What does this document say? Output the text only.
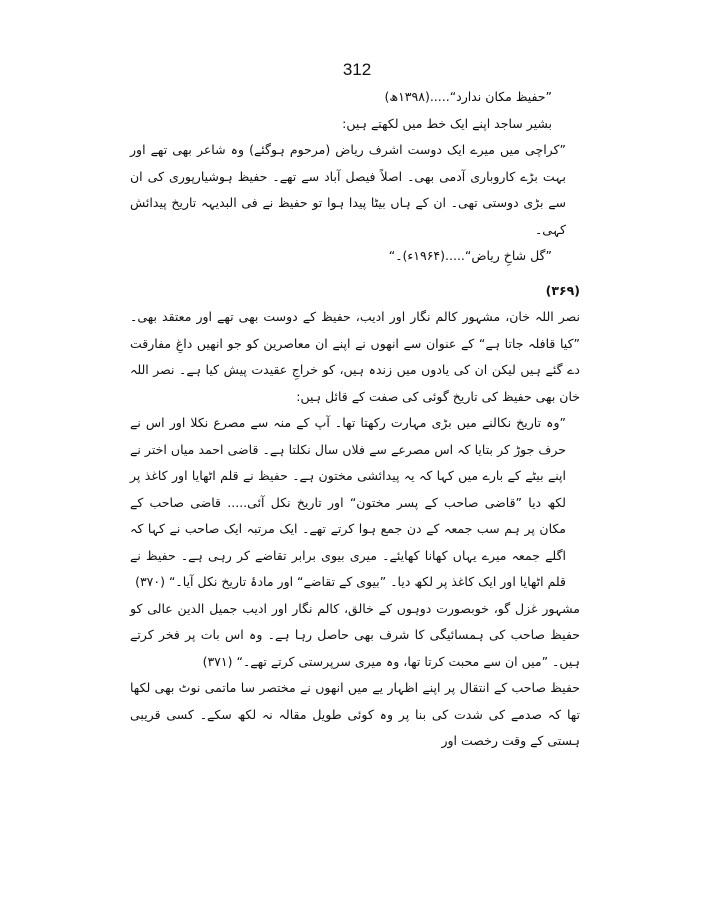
312

”حفیظ مکان ندارد“.....(۱۳۹۸ھ)

بشیر ساجد اپنے ایک خط میں لکھتے ہیں:

”کراچی میں میرے ایک دوست اشرف ریاض (مرحوم ہوگئے) وہ شاعر بھی تھے اور بہت بڑے کاروباری آدمی بھی۔ اصلاً فیصل آباد سے تھے۔ حفیظ ہوشیارپوری کی ان سے بڑی دوستی تھی۔ ان کے ہاں بیٹا پیدا ہوا تو حفیظ نے فی البدیہہ تاریخ پیدائش کہی۔

”گل شاخِ ریاض“.....(۱۹۶۴ء)۔“

(۳۶۹)

نصر اللہ خان، مشہور کالم نگار اور ادیب، حفیظ کے دوست بھی تھے اور معتقد بھی۔ ”کیا قافلہ جاتا ہے“ کے عنوان سے انھوں نے اپنے ان معاصرین کو جو انھیں داغِ مفارقت دے گئے ہیں لیکن ان کی یادوں میں زندہ ہیں، کو خراجِ عقیدت پیش کیا ہے۔ نصر اللہ خان بھی حفیظ کی تاریخ گوئی کی صفت کے قائل ہیں:

”وہ تاریخ نکالنے میں بڑی مہارت رکھتا تھا۔ آپ کے منہ سے مصرع نکلا اور اس نے حرف جوڑ کر بتایا کہ اس مصرعے سے فلاں سال نکلتا ہے۔ قاضی احمد میاں اختر نے اپنے بیٹے کے بارے میں کہا کہ یہ پیدائشی مختون ہے۔ حفیظ نے قلم اٹھایا اور کاغذ پر لکھ دیا ”قاضی صاحب کے پسر مختون“ اور تاریخ نکل آئی..... قاضی صاحب کے مکان پر ہم سب جمعہ کے دن جمع ہوا کرتے تھے۔ ایک مرتبہ ایک صاحب نے کہا کہ اگلے جمعہ میرے یہاں کھانا کھایئے۔ میری بیوی برابر تقاضے کر رہی ہے۔ حفیظ نے قلم اٹھایا اور ایک کاغذ پر لکھ دیا۔ ”بیوی کے تقاضے“ اور مادۂ تاریخ نکل آیا۔“ (۳۷۰)

مشہور غزل گو، خوبصورت دوہوں کے خالق، کالم نگار اور ادیب جمیل الدین عالی کو حفیظ صاحب کی ہمسائیگی کا شرف بھی حاصل رہا ہے۔ وہ اس بات پر فخر کرتے ہیں۔ ”میں ان سے محبت کرتا تھا، وہ میری سرپرستی کرتے تھے۔“ (۳۷۱)

حفیظ صاحب کے انتقال پر اپنے اظہار یے میں انھوں نے مختصر سا ماتمی نوٹ بھی لکھا تھا کہ صدمے کی شدت کی بنا پر وہ کوئی طویل مقالہ نہ لکھ سکے۔ کسی قریبی ہستی کے وقت رخصت اور
